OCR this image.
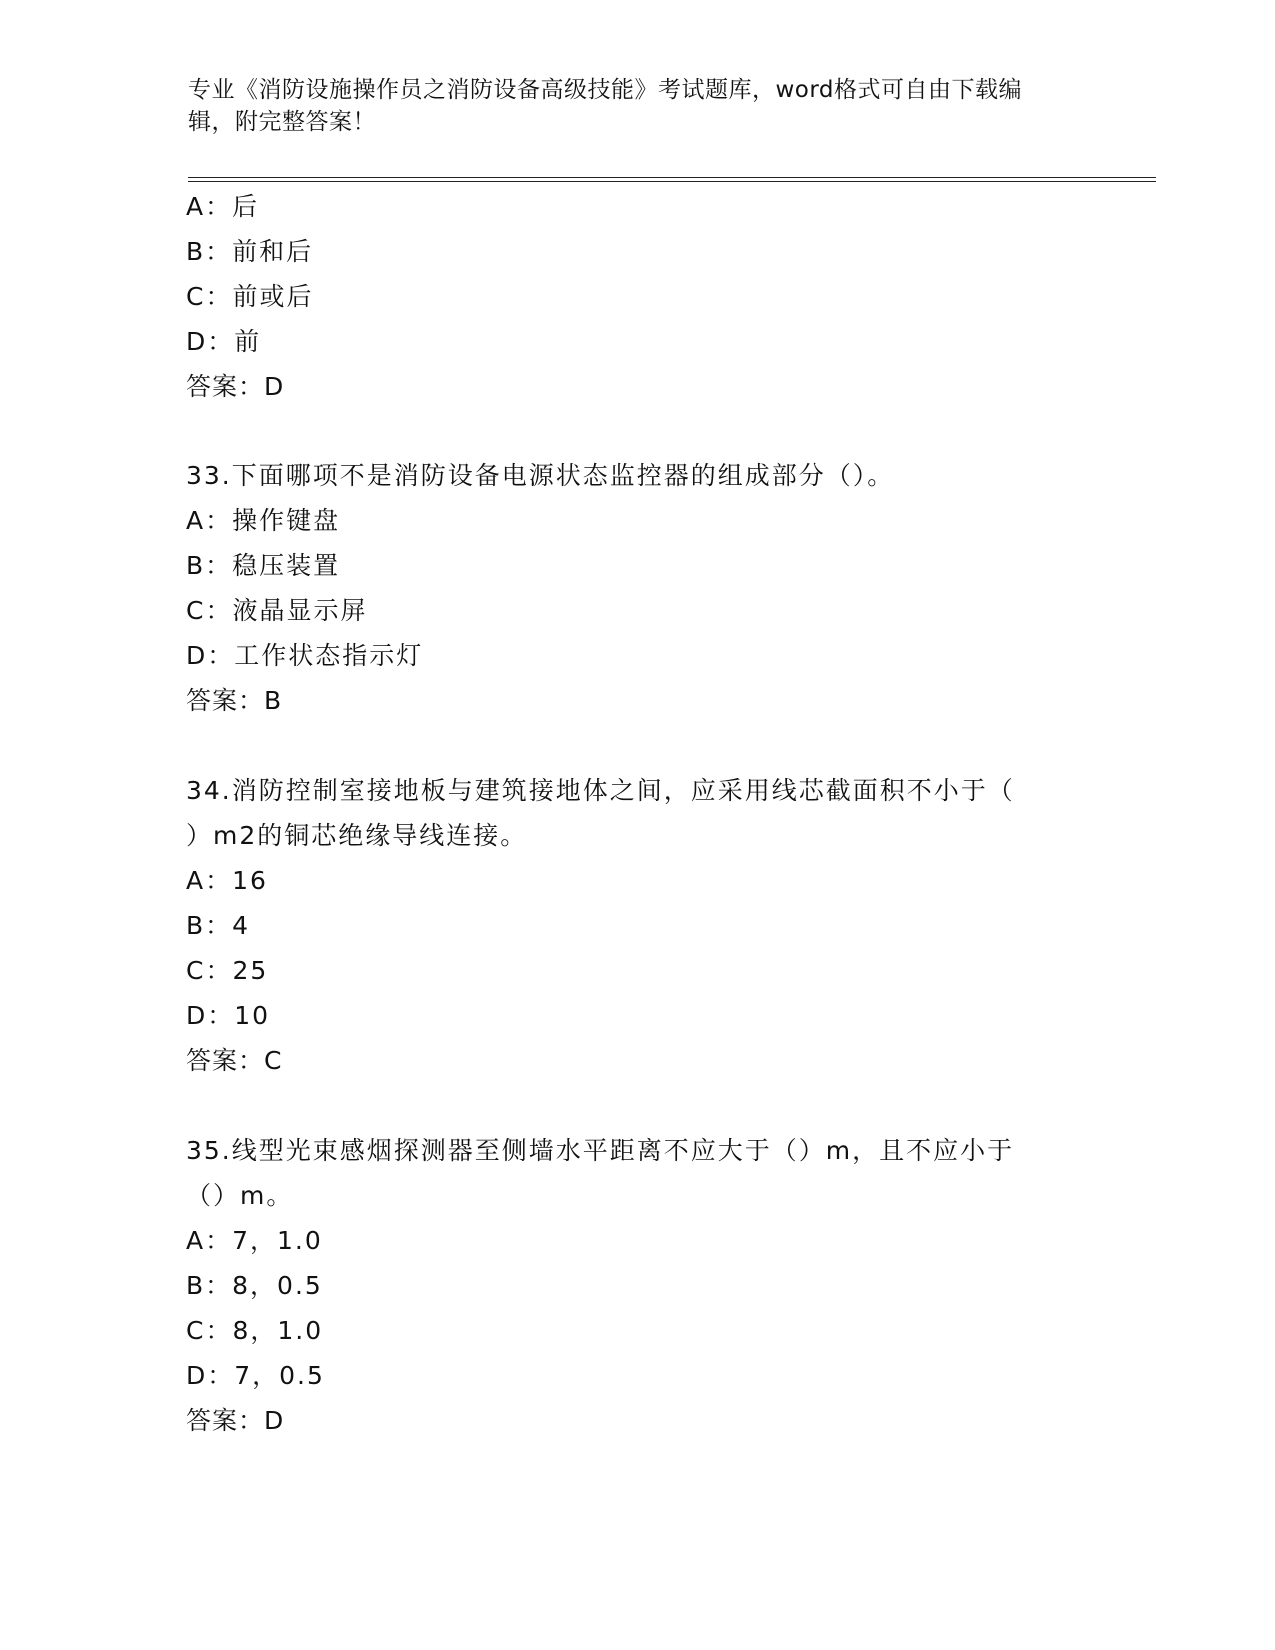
专业《消防设施操作员之消防设备高级技能》考试题库，word格式可自由下载编辑，附完整答案！
A：后
B：前和后
C：前或后
D：前
答案：D
33.下面哪项不是消防设备电源状态监控器的组成部分（）。
A：操作键盘
B：稳压装置
C：液晶显示屏
D：工作状态指示灯
答案：B
34.消防控制室接地板与建筑接地体之间，应采用线芯截面积不小于（
）m2的铜芯绝缘导线连接。
A：16
B：4
C：25
D：10
答案：C
35.线型光束感烟探测器至侧墙水平距离不应大于（）m，且不应小于
（）m。
A：7，1.0
B：8，0.5
C：8，1.0
D：7，0.5
答案：D
